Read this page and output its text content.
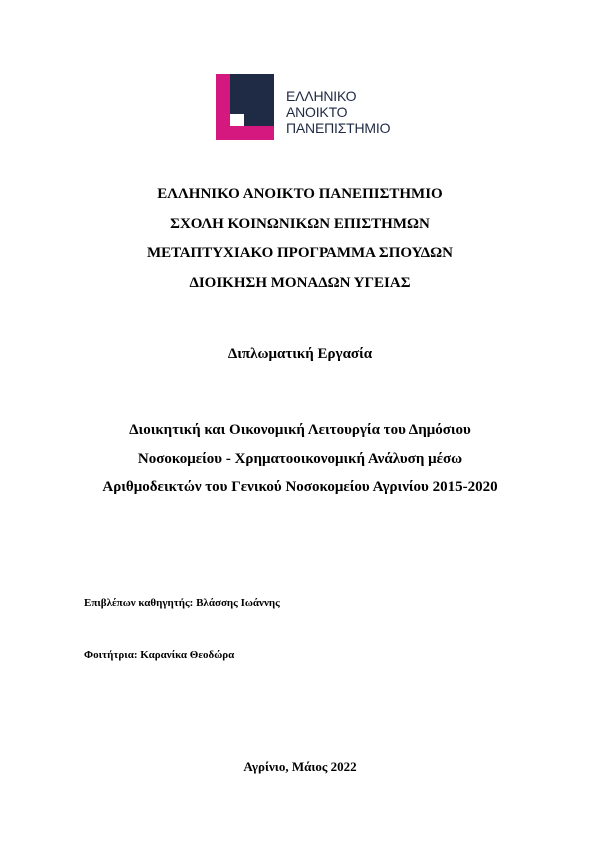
ΕΛΛΗΝΙΚΟ
ΑΝΟΙΚΤΟ
ΠΑΝΕΠΙΣΤΗΜΙΟ
ΕΛΛΗΝΙΚΟ ΑΝΟΙΚΤΟ ΠΑΝΕΠΙΣΤΗΜΙΟ
ΣΧΟΛΗ ΚΟΙΝΩΝΙΚΩΝ ΕΠΙΣΤΗΜΩΝ
ΜΕΤΑΠΤΥΧΙΑΚΟ ΠΡΟΓΡΑΜΜΑ ΣΠΟΥΔΩΝ
ΔΙΟΙΚΗΣΗ ΜΟΝΑΔΩΝ ΥΓΕΙΑΣ
Διπλωματική Εργασία
Διοικητική και Οικονομική Λειτουργία του Δημόσιου
Νοσοκομείου - Χρηματοοικονομική Ανάλυση μέσω
Αριθμοδεικτών του Γενικού Νοσοκομείου Αγρινίου 2015-2020
Επιβλέπων καθηγητής: Βλάσσης Ιωάννης
Φοιτήτρια: Καρανίκα Θεοδώρα
Αγρίνιο, Μάιος 2022
